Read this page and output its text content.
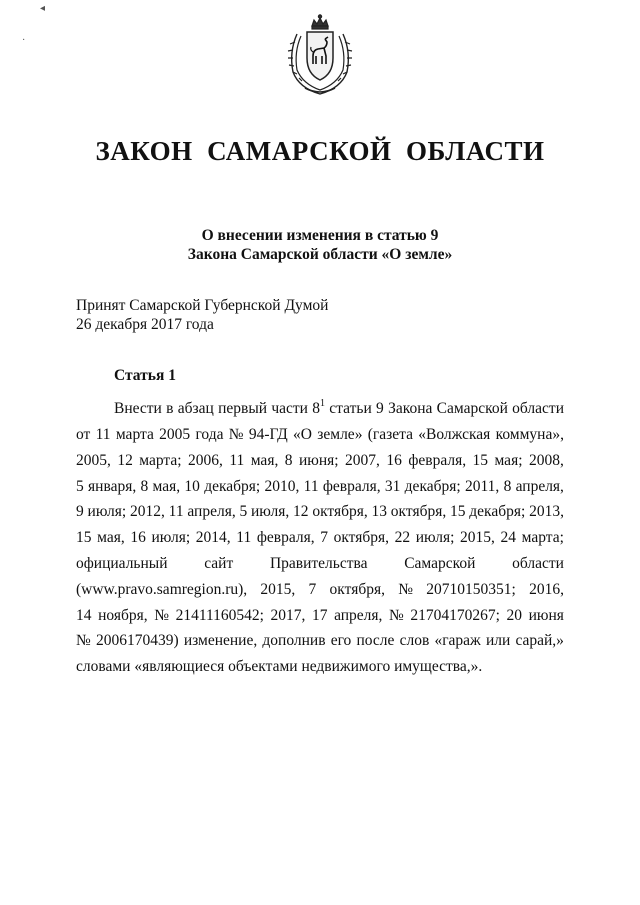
◂
·
ЗАКОН  САМАРСКОЙ  ОБЛАСТИ
О внесении изменения в статью 9
Закона Самарской области «О земле»
Принят Самарской Губернской Думой
26 декабря 2017 года
Статья 1
Внести в абзац первый части $8^1$ статьи 9 Закона Самарской области
от 11 марта 2005 года № 94-ГД «О земле» (газета «Волжская коммуна»,
2005, 12 марта; 2006, 11 мая, 8 июня; 2007, 16 февраля, 15 мая; 2008,
5 января, 8 мая, 10 декабря; 2010, 11 февраля, 31 декабря; 2011, 8 апреля,
9 июля; 2012, 11 апреля, 5 июля, 12 октября, 13 октября, 15 декабря; 2013,
15 мая, 16 июля; 2014, 11 февраля, 7 октября, 22 июля; 2015, 24 марта;
официальный сайт Правительства Самарской области
(www.pravo.samregion.ru), 2015, 7 октября, № 20710150351; 2016,
14 ноября, № 21411160542; 2017, 17 апреля, № 21704170267; 20 июня
№ 2006170439) изменение, дополнив его после слов «гараж или сарай,»
словами «являющиеся объектами недвижимого имущества,».
